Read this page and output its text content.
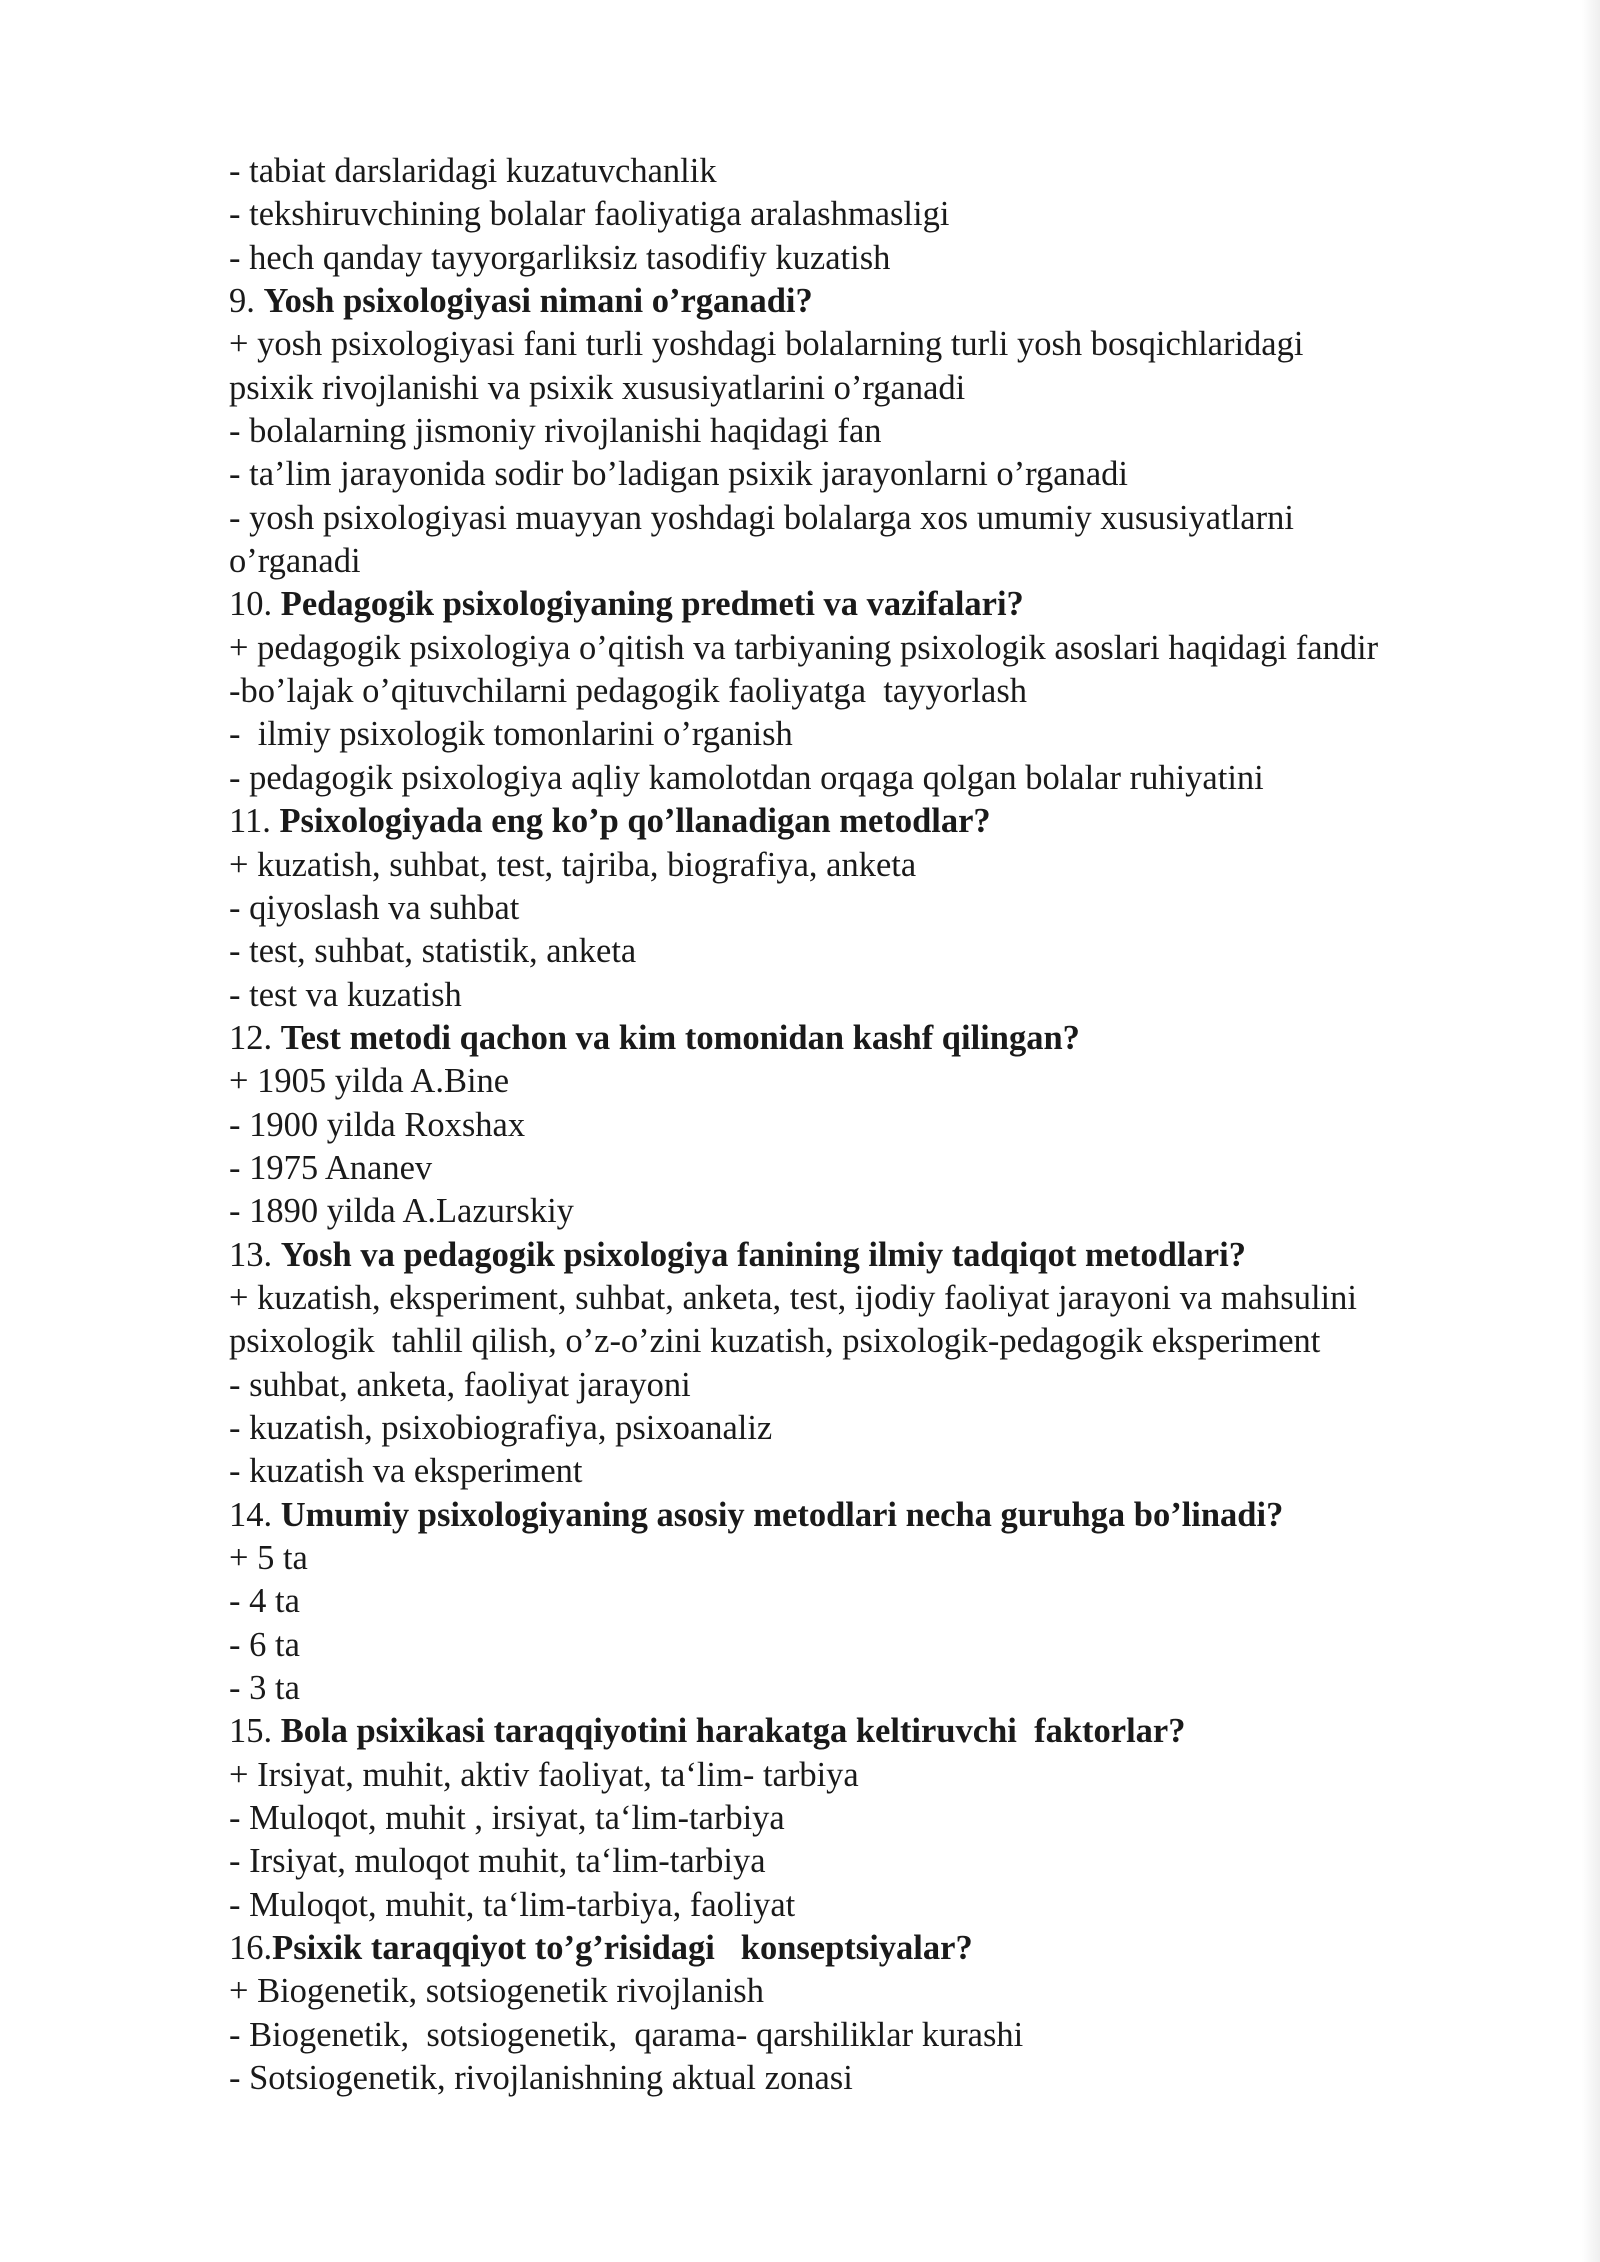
- tabiat darslaridagi kuzatuvchanlik
- tekshiruvchining bolalar faoliyatiga aralashmasligi
- hech qanday tayyorgarliksiz tasodifiy kuzatish
9. Yosh psixologiyasi nimani o’rganadi?
+ yosh psixologiyasi fani turli yoshdagi bolalarning turli yosh bosqichlaridagi
psixik rivojlanishi va psixik xususiyatlarini o’rganadi
- bolalarning jismoniy rivojlanishi haqidagi fan
- ta’lim jarayonida sodir bo’ladigan psixik jarayonlarni o’rganadi
- yosh psixologiyasi muayyan yoshdagi bolalarga xos umumiy xususiyatlarni
o’rganadi
10. Pedagogik psixologiyaning predmeti va vazifalari?
+ pedagogik psixologiya o’qitish va tarbiyaning psixologik asoslari haqidagi fandir
-bo’lajak o’qituvchilarni pedagogik faoliyatga  tayyorlash
-  ilmiy psixologik tomonlarini o’rganish
- pedagogik psixologiya aqliy kamolotdan orqaga qolgan bolalar ruhiyatini
11. Psixologiyada eng ko’p qo’llanadigan metodlar?
+ kuzatish, suhbat, test, tajriba, biografiya, anketa
- qiyoslash va suhbat
- test, suhbat, statistik, anketa
- test va kuzatish
12. Test metodi qachon va kim tomonidan kashf qilingan?
+ 1905 yilda A.Bine
- 1900 yilda Roxshax
- 1975 Ananev
- 1890 yilda A.Lazurskiy
13. Yosh va pedagogik psixologiya fanining ilmiy tadqiqot metodlari?
+ kuzatish, eksperiment, suhbat, anketa, test, ijodiy faoliyat jarayoni va mahsulini
psixologik  tahlil qilish, o’z-o’zini kuzatish, psixologik-pedagogik eksperiment
- suhbat, anketa, faoliyat jarayoni
- kuzatish, psixobiografiya, psixoanaliz
- kuzatish va eksperiment
14. Umumiy psixologiyaning asosiy metodlari necha guruhga bo’linadi?
+ 5 ta
- 4 ta
- 6 ta
- 3 ta
15. Bola psixikasi taraqqiyotini harakatga keltiruvchi  faktorlar?
+ Irsiyat, muhit, aktiv faoliyat, ta‘lim- tarbiya
- Muloqot, muhit , irsiyat, ta‘lim-tarbiya
- Irsiyat, muloqot muhit, ta‘lim-tarbiya
- Muloqot, muhit, ta‘lim-tarbiya, faoliyat
16.Psixik taraqqiyot to’g’risidagi   konseptsiyalar?
+ Biogenetik, sotsiogenetik rivojlanish
- Biogenetik,  sotsiogenetik,  qarama- qarshiliklar kurashi
- Sotsiogenetik, rivojlanishning aktual zonasi
